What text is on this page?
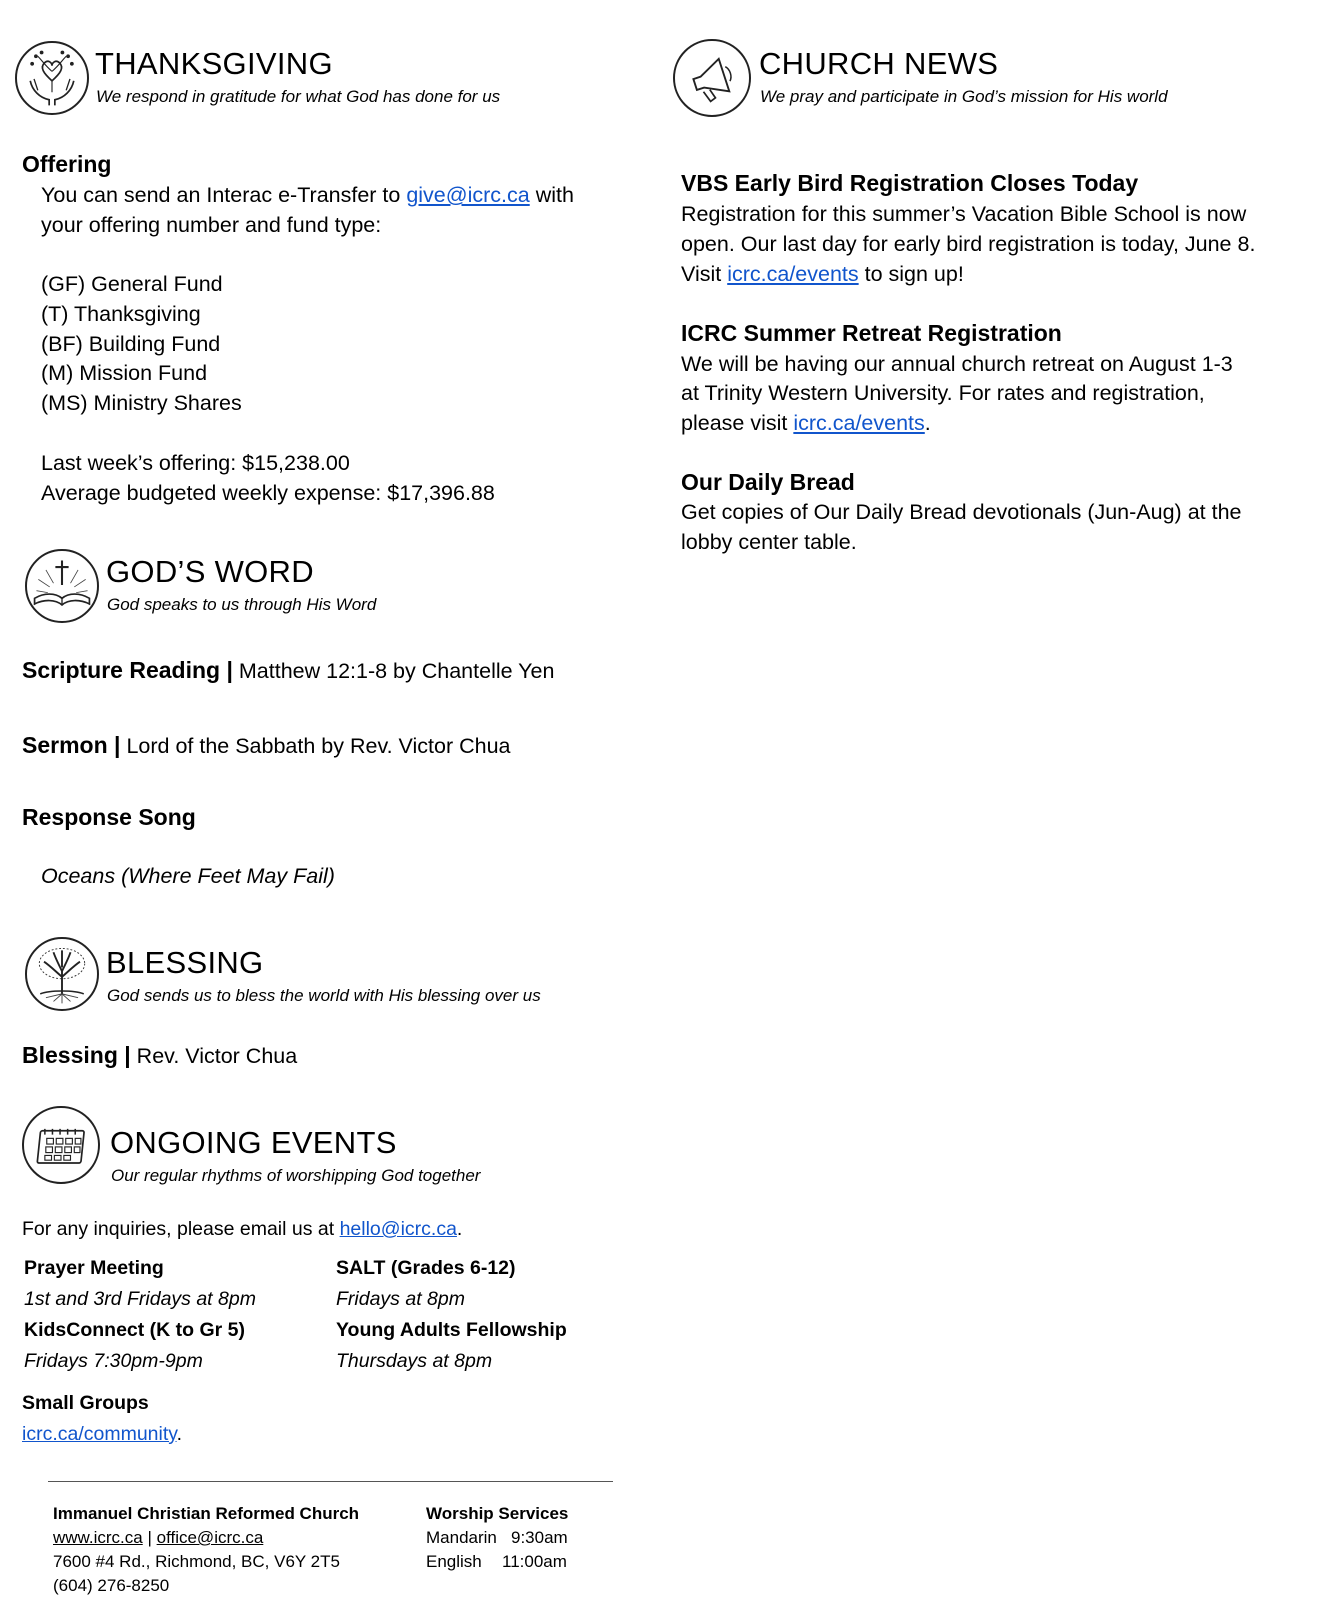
THANKSGIVING
We respond in gratitude for what God has done for us
Offering
You can send an Interac e-Transfer to give@icrc.ca with
your offering number and fund type:
(GF) General Fund
(T) Thanksgiving
(BF) Building Fund
(M) Mission Fund
(MS) Ministry Shares
Last week’s offering: $15,238.00
Average budgeted weekly expense: $17,396.88
GOD’S WORD
God speaks to us through His Word
Scripture Reading | Matthew 12:1-8 by Chantelle Yen
Sermon | Lord of the Sabbath by Rev. Victor Chua
Response Song
Oceans (Where Feet May Fail)
BLESSING
God sends us to bless the world with His blessing over us
Blessing | Rev. Victor Chua
ONGOING EVENTS
Our regular rhythms of worshipping God together
For any inquiries, please email us at hello@icrc.ca.
Prayer Meeting
1st and 3rd Fridays at 8pm
SALT (Grades 6-12)
Fridays at 8pm
KidsConnect (K to Gr 5)
Fridays 7:30pm-9pm
Young Adults Fellowship
Thursdays at 8pm
Small Groups
icrc.ca/community.
Immanuel Christian Reformed Church
www.icrc.ca | office@icrc.ca
7600 #4 Rd., Richmond, BC, V6Y 2T5
(604) 276-8250
Worship Services
Mandarin 9:30am
English 11:00am
CHURCH NEWS
We pray and participate in God’s mission for His world
VBS Early Bird Registration Closes Today
Registration for this summer’s Vacation Bible School is now
open. Our last day for early bird registration is today, June 8.
Visit icrc.ca/events to sign up!
ICRC Summer Retreat Registration
We will be having our annual church retreat on August 1-3
at Trinity Western University. For rates and registration,
please visit icrc.ca/events.
Our Daily Bread
Get copies of Our Daily Bread devotionals (Jun-Aug) at the
lobby center table.
